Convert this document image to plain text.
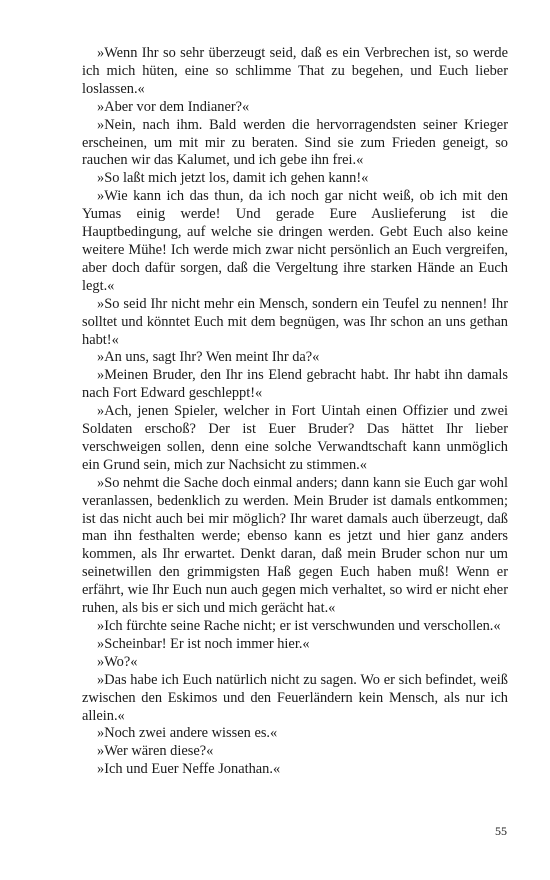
»Wenn Ihr so sehr überzeugt seid, daß es ein Verbrechen ist, so werde ich mich hüten, eine so schlimme That zu begehen, und Euch lieber loslassen.«

»Aber vor dem Indianer?«

»Nein, nach ihm. Bald werden die hervorragendsten seiner Krieger erscheinen, um mit mir zu beraten. Sind sie zum Frieden geneigt, so rauchen wir das Kalumet, und ich gebe ihn frei.«

»So laßt mich jetzt los, damit ich gehen kann!«

»Wie kann ich das thun, da ich noch gar nicht weiß, ob ich mit den Yumas einig werde! Und gerade Eure Auslieferung ist die Hauptbedingung, auf welche sie dringen werden. Gebt Euch also keine weitere Mühe! Ich werde mich zwar nicht persönlich an Euch vergreifen, aber doch dafür sorgen, daß die Vergeltung ihre starken Hände an Euch legt.«

»So seid Ihr nicht mehr ein Mensch, sondern ein Teufel zu nennen! Ihr solltet und könntet Euch mit dem begnügen, was Ihr schon an uns gethan habt!«

»An uns, sagt Ihr? Wen meint Ihr da?«

»Meinen Bruder, den Ihr ins Elend gebracht habt. Ihr habt ihn damals nach Fort Edward geschleppt!«

»Ach, jenen Spieler, welcher in Fort Uintah einen Offizier und zwei Soldaten erschoß? Der ist Euer Bruder? Das hättet Ihr lieber verschweigen sollen, denn eine solche Verwandtschaft kann unmöglich ein Grund sein, mich zur Nachsicht zu stimmen.«

»So nehmt die Sache doch einmal anders; dann kann sie Euch gar wohl veranlassen, bedenklich zu werden. Mein Bruder ist damals entkommen; ist das nicht auch bei mir möglich? Ihr waret damals auch überzeugt, daß man ihn festhalten werde; ebenso kann es jetzt und hier ganz anders kommen, als Ihr erwartet. Denkt daran, daß mein Bruder schon nur um seinetwillen den grimmigsten Haß gegen Euch haben muß! Wenn er erfährt, wie Ihr Euch nun auch gegen mich verhaltet, so wird er nicht eher ruhen, als bis er sich und mich gerächt hat.«

»Ich fürchte seine Rache nicht; er ist verschwunden und verschollen.«

»Scheinbar! Er ist noch immer hier.«

»Wo?«

»Das habe ich Euch natürlich nicht zu sagen. Wo er sich befindet, weiß zwischen den Eskimos und den Feuerländern kein Mensch, als nur ich allein.«

»Noch zwei andere wissen es.«

»Wer wären diese?«

»Ich und Euer Neffe Jonathan.«

55
